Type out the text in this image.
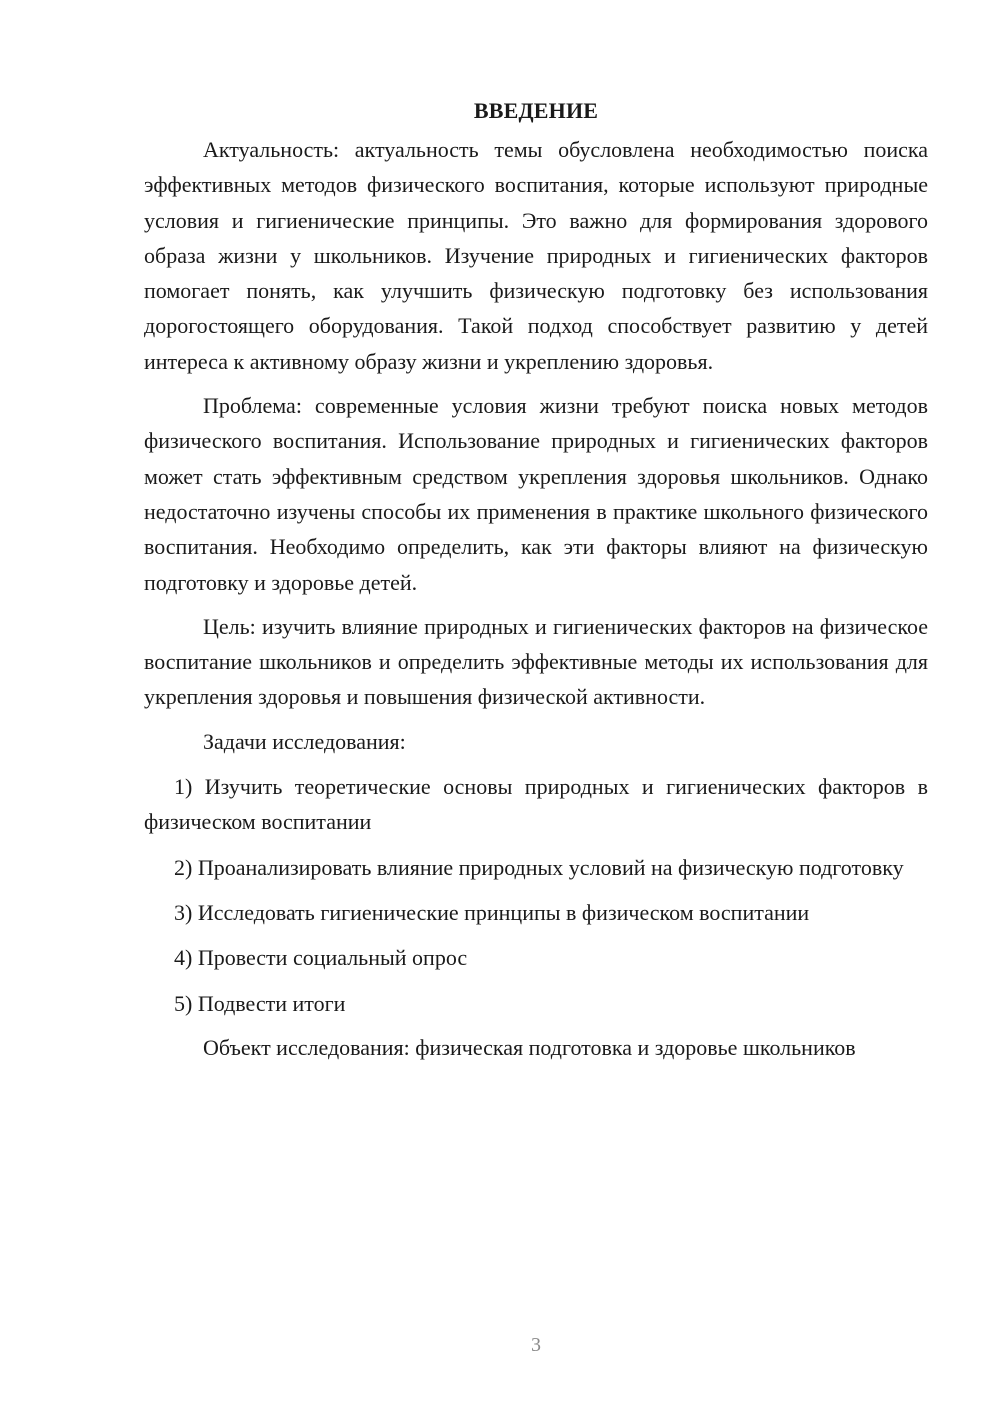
ВВЕДЕНИЕ

Актуальность: актуальность темы обусловлена необходимостью поиска эффективных методов физического воспитания, которые используют природные условия и гигиенические принципы. Это важно для формирования здорового образа жизни у школьников. Изучение природных и гигиенических факторов помогает понять, как улучшить физическую подготовку без использования дорогостоящего оборудования. Такой подход способствует развитию у детей интереса к активному образу жизни и укреплению здоровья.

Проблема: современные условия жизни требуют поиска новых методов физического воспитания. Использование природных и гигиенических факторов может стать эффективным средством укрепления здоровья школьников. Однако недостаточно изучены способы их применения в практике школьного физического воспитания. Необходимо определить, как эти факторы влияют на физическую подготовку и здоровье детей.

Цель: изучить влияние природных и гигиенических факторов на физическое воспитание школьников и определить эффективные методы их использования для укрепления здоровья и повышения физической активности.

Задачи исследования:

1) Изучить теоретические основы природных и гигиенических факторов в физическом воспитании

2) Проанализировать влияние природных условий на физическую подготовку

3) Исследовать гигиенические принципы в физическом воспитании

4) Провести социальный опрос

5) Подвести итоги

Объект исследования: физическая подготовка и здоровье школьников

3
